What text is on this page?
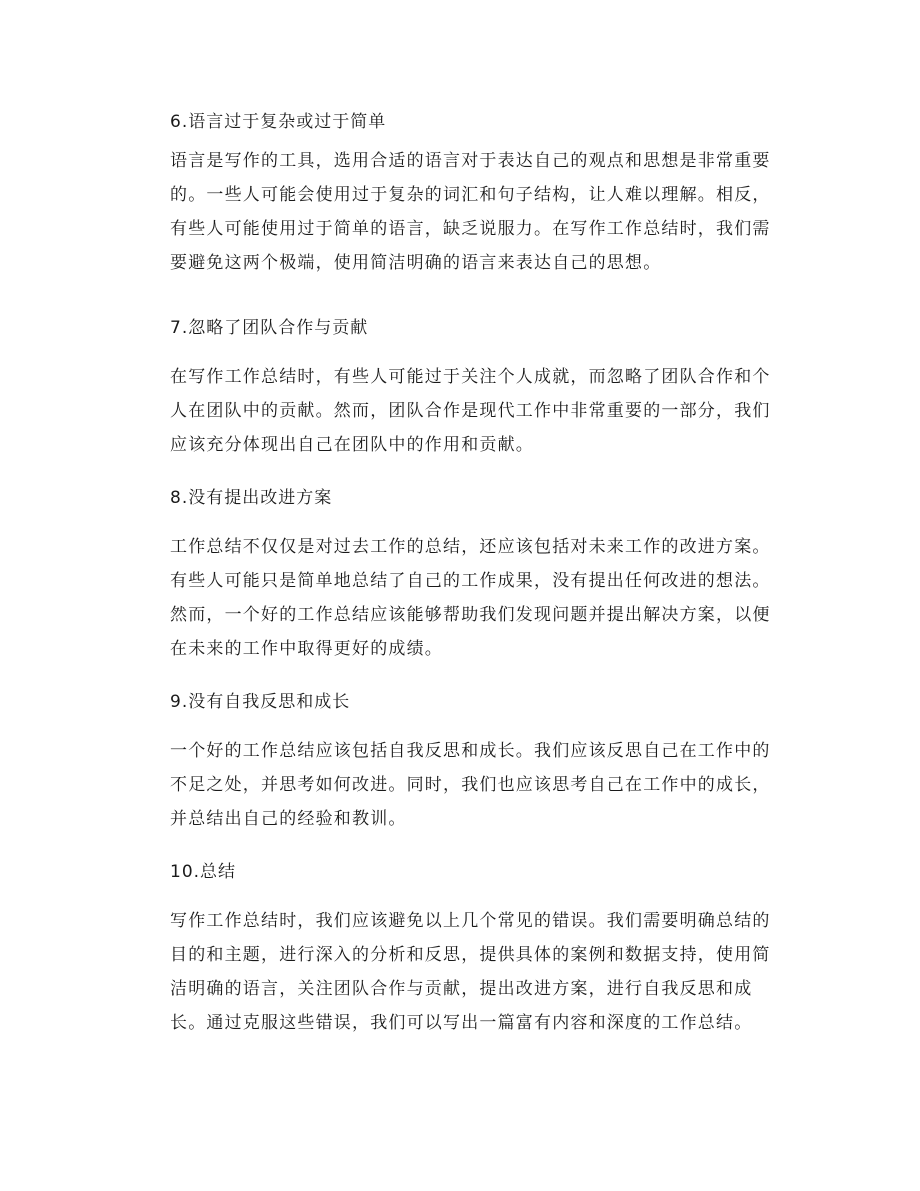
6.语言过于复杂或过于简单

语言是写作的工具，选用合适的语言对于表达自己的观点和思想是非常重要的。一些人可能会使用过于复杂的词汇和句子结构，让人难以理解。相反，有些人可能使用过于简单的语言，缺乏说服力。在写作工作总结时，我们需要避免这两个极端，使用简洁明确的语言来表达自己的思想。

7.忽略了团队合作与贡献

在写作工作总结时，有些人可能过于关注个人成就，而忽略了团队合作和个人在团队中的贡献。然而，团队合作是现代工作中非常重要的一部分，我们应该充分体现出自己在团队中的作用和贡献。

8.没有提出改进方案

工作总结不仅仅是对过去工作的总结，还应该包括对未来工作的改进方案。有些人可能只是简单地总结了自己的工作成果，没有提出任何改进的想法。然而，一个好的工作总结应该能够帮助我们发现问题并提出解决方案，以便在未来的工作中取得更好的成绩。

9.没有自我反思和成长

一个好的工作总结应该包括自我反思和成长。我们应该反思自己在工作中的不足之处，并思考如何改进。同时，我们也应该思考自己在工作中的成长，并总结出自己的经验和教训。

10.总结

写作工作总结时，我们应该避免以上几个常见的错误。我们需要明确总结的目的和主题，进行深入的分析和反思，提供具体的案例和数据支持，使用简洁明确的语言，关注团队合作与贡献，提出改进方案，进行自我反思和成长。通过克服这些错误，我们可以写出一篇富有内容和深度的工作总结。
